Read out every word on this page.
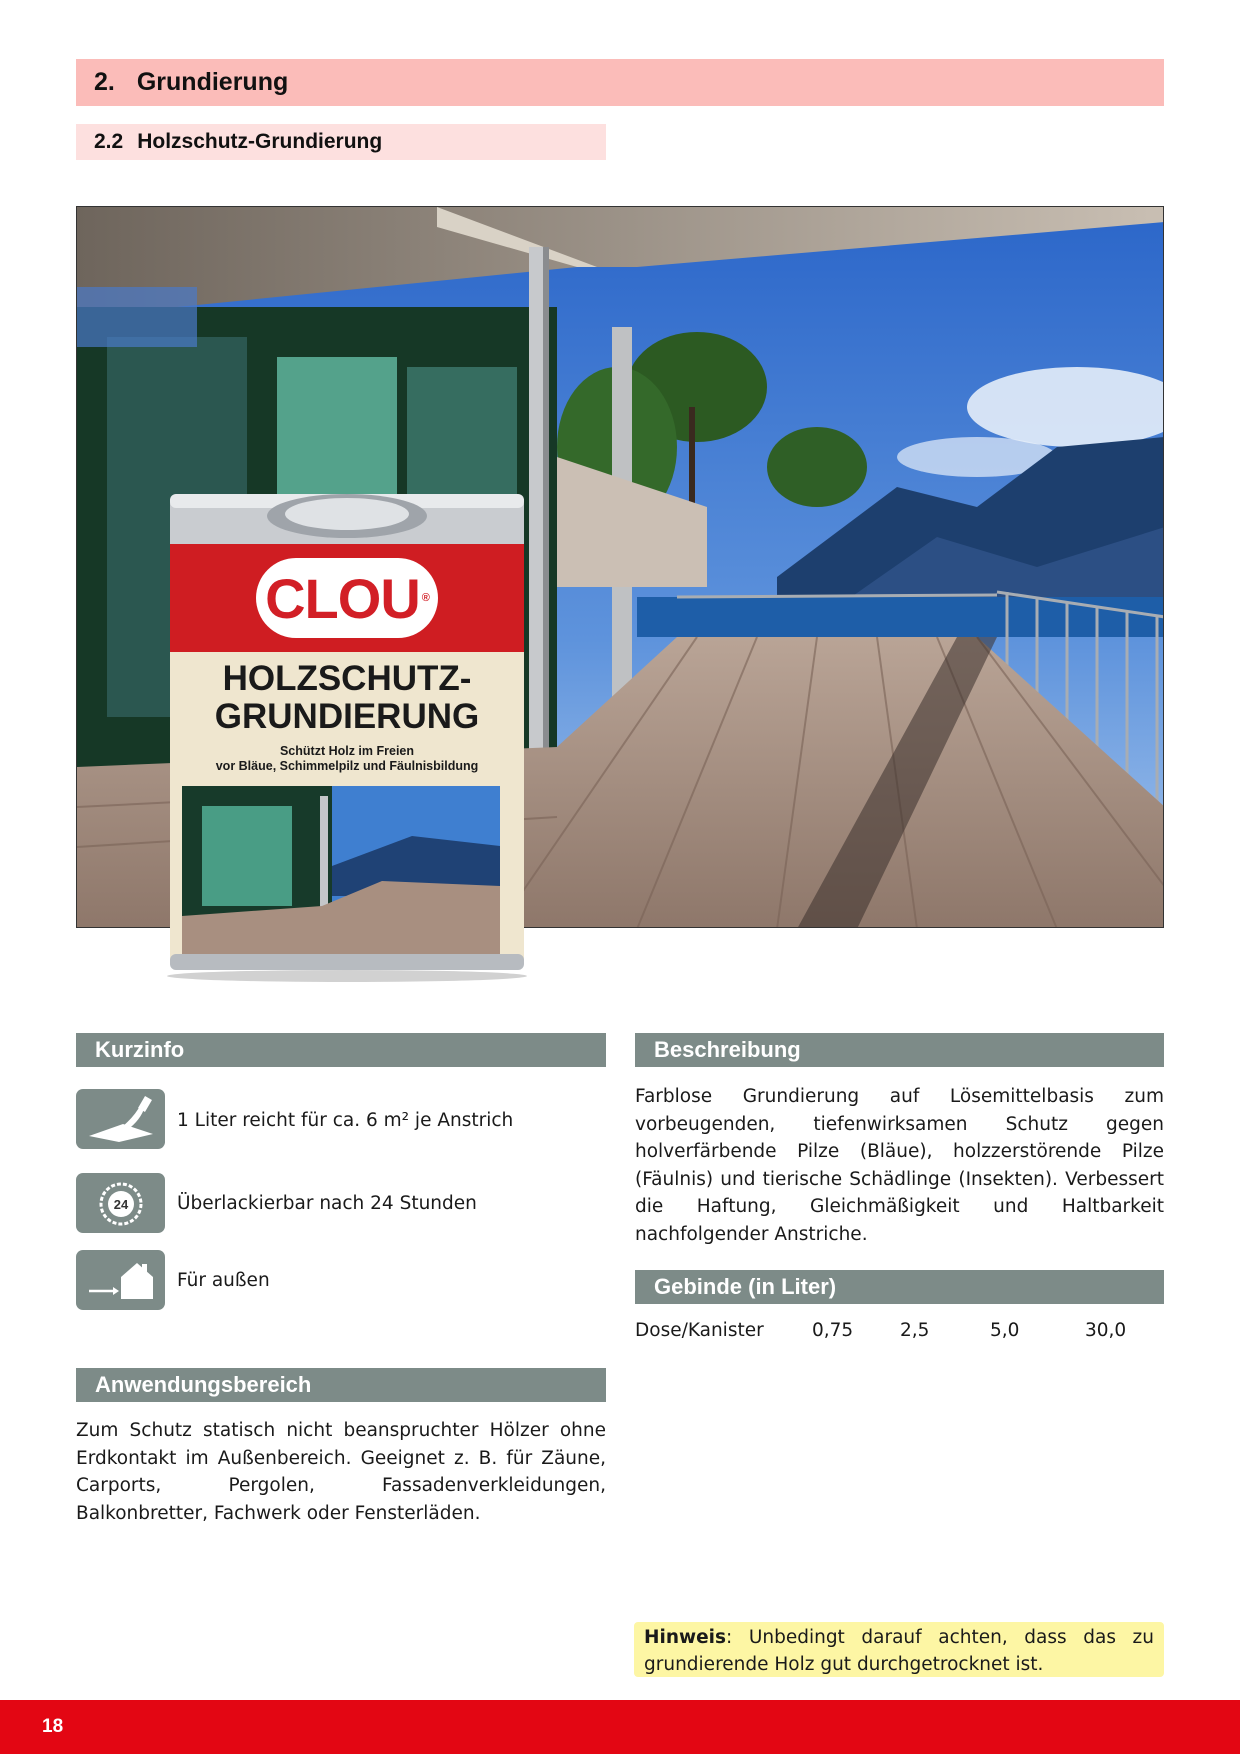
2. Grundierung
2.2 Holzschutz-Grundierung
CLOU ®
HOLZSCHUTZ-
GRUNDIERUNG
Schützt Holz im Freien
vor Bläue, Schimmelpilz und Fäulnisbildung
Kurzinfo
1 Liter reicht für ca. 6 m² je Anstrich
24	Überlackierbar nach 24 Stunden
Für außen
Anwendungsbereich
Zum Schutz statisch nicht beanspruchter Hölzer ohne Erdkontakt im Außenbereich. Geeignet z. B. für Zäune, Carports, Pergolen, Fassadenverkleidungen, Balkonbretter, Fachwerk oder Fensterläden.
Beschreibung
Farblose Grundierung auf Lösemittelbasis zum vorbeugenden, tiefenwirksamen Schutz gegen holverfärbende Pilze (Bläue), holzzerstörende Pilze (Fäulnis) und tierische Schädlinge (Insekten). Verbessert die Haftung, Gleichmäßigkeit und Haltbarkeit nachfolgender Anstriche.
Gebinde (in Liter)
Dose/Kanister	0,75	2,5	5,0	30,0
Hinweis: Unbedingt darauf achten, dass das zu grundierende Holz gut durchgetrocknet ist.
18
